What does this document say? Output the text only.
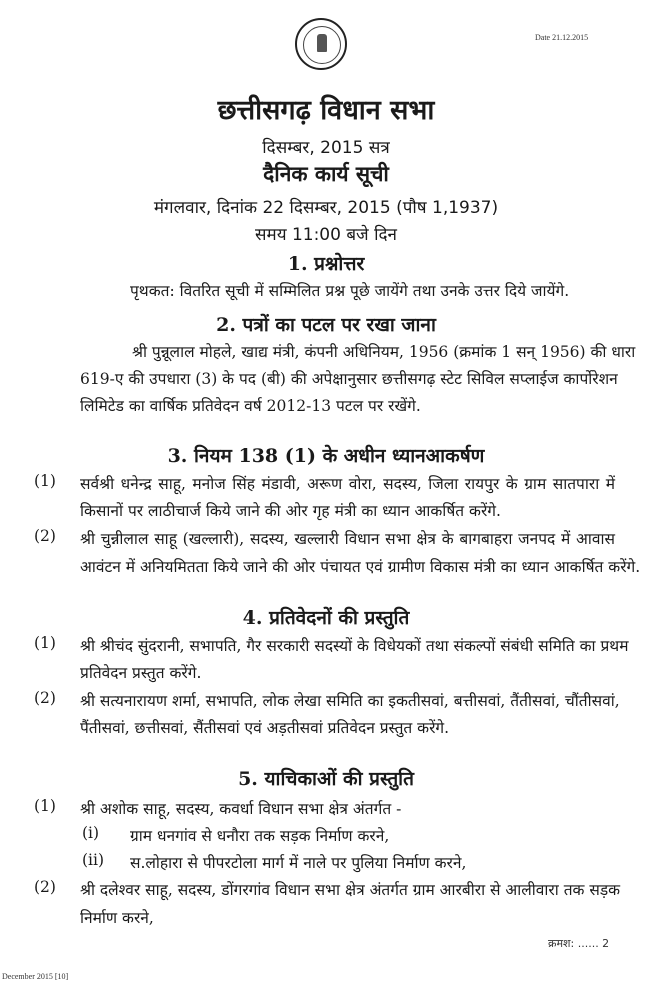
Date 21.12.2015
छत्तीसगढ़ विधान सभा
दिसम्बर, 2015 सत्र
दैनिक कार्य सूची
मंगलवार, दिनांक 22 दिसम्बर, 2015 (पौष 1,1937)
समय 11:00 बजे दिन
1. प्रश्नोत्तर
पृथकत: वितरित सूची में सम्मिलित प्रश्न पूछे जायेंगे तथा उनके उत्तर दिये जायेंगे.
2. पत्रों का पटल पर रखा जाना
श्री पुन्नूलाल मोहले, खाद्य मंत्री, कंपनी अधिनियम, 1956 (क्रमांक 1 सन् 1956) की धारा
619-ए की उपधारा (3) के पद (बी) की अपेक्षानुसार छत्तीसगढ़ स्टेट सिविल सप्लाईज कार्पोरेशन
लिमिटेड का वार्षिक प्रतिवेदन वर्ष 2012-13 पटल पर रखेंगे.
3. नियम 138 (1) के अधीन ध्यानआकर्षण
(1) सर्वश्री धनेन्द्र साहू, मनोज सिंह मंडावी, अरूण वोरा, सदस्य, जिला रायपुर के ग्राम सातपारा में
किसानों पर लाठीचार्ज किये जाने की ओर गृह मंत्री का ध्यान आकर्षित करेंगे.
(2) श्री चुन्नीलाल साहू (खल्लारी), सदस्य, खल्लारी विधान सभा क्षेत्र के बागबाहरा जनपद में आवास
आवंटन में अनियमितता किये जाने की ओर पंचायत एवं ग्रामीण विकास मंत्री का ध्यान आकर्षित करेंगे.
4. प्रतिवेदनों की प्रस्तुति
(1) श्री श्रीचंद सुंदरानी, सभापति, गैर सरकारी सदस्यों के विधेयकों तथा संकल्पों संबंधी समिति का प्रथम
प्रतिवेदन प्रस्तुत करेंगे.
(2) श्री सत्यनारायण शर्मा, सभापति, लोक लेखा समिति का इकतीसवां, बत्तीसवां, तैंतीसवां, चौंतीसवां,
पैंतीसवां, छत्तीसवां, सैंतीसवां एवं अड़तीसवां प्रतिवेदन प्रस्तुत करेंगे.
5. याचिकाओं की प्रस्तुति
(1) श्री अशोक साहू, सदस्य, कवर्धा विधान सभा क्षेत्र अंतर्गत -
(i) ग्राम धनगांव से धनौरा तक सड़क निर्माण करने,
(ii) स.लोहारा से पीपरटोला मार्ग में नाले पर पुलिया निर्माण करने,
(2) श्री दलेश्वर साहू, सदस्य, डोंगरगांव विधान सभा क्षेत्र अंतर्गत ग्राम आरबीरा से आलीवारा तक सड़क
निर्माण करने,
क्रमश: ...... 2
December 2015 [10]
